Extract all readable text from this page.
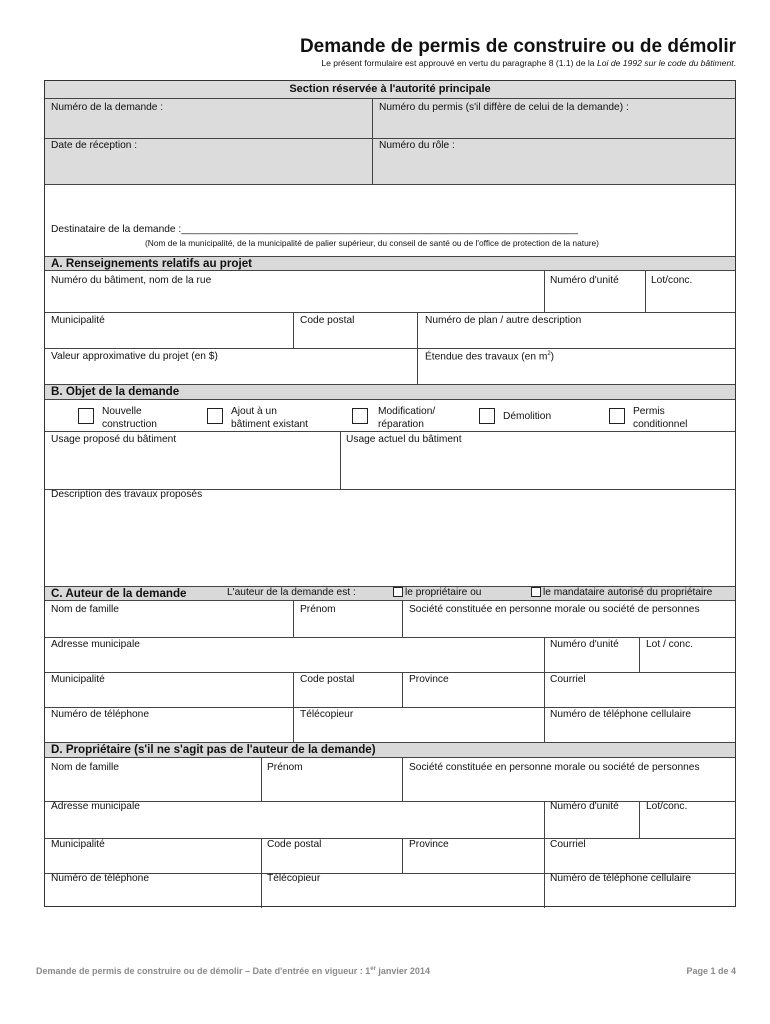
Demande de permis de construire ou de démolir
Le présent formulaire est approuvé en vertu du paragraphe 8 (1.1) de la Loi de 1992 sur le code du bâtiment.
Section réservée à l'autorité principale
Numéro de la demande :	Numéro du permis (s'il diffère de celui de la demande) :
Date de réception :	Numéro du rôle :
Destinataire de la demande :______________________________________________________________________
(Nom de la municipalité, de la municipalité de palier supérieur, du conseil de santé ou de l'office de protection de la nature)
A. Renseignements relatifs au projet
Numéro du bâtiment, nom de la rue	Numéro d'unité	Lot/conc.
Municipalité	Code postal	Numéro de plan / autre description
Valeur approximative du projet (en $)	Étendue des travaux (en $m^2$)
B. Objet de la demande
Nouvelle
construction
Ajout à un
bâtiment existant
Modification/
réparation
Démolition	Permis
conditionnel
Usage proposé du bâtiment	Usage actuel du bâtiment
Description des travaux proposés
C. Auteur de la demande	L'auteur de la demande est :	le propriétaire ou	le mandataire autorisé du propriétaire
Nom de famille	Prénom	Société constituée en personne morale ou société de personnes
Adresse municipale	Numéro d'unité	Lot / conc.
Municipalité	Code postal	Province	Courriel
Numéro de téléphone	Télécopieur	Numéro de téléphone cellulaire
D. Propriétaire (s'il ne s'agit pas de l'auteur de la demande)
Nom de famille	Prénom	Société constituée en personne morale ou société de personnes
Adresse municipale	Numéro d'unité	Lot/conc.
Municipalité	Code postal	Province	Courriel
Numéro de téléphone	Télécopieur	Numéro de téléphone cellulaire
Demande de permis de construire ou de démolir – Date d'entrée en vigueur : 1er janvier 2014	Page 1 de 4
